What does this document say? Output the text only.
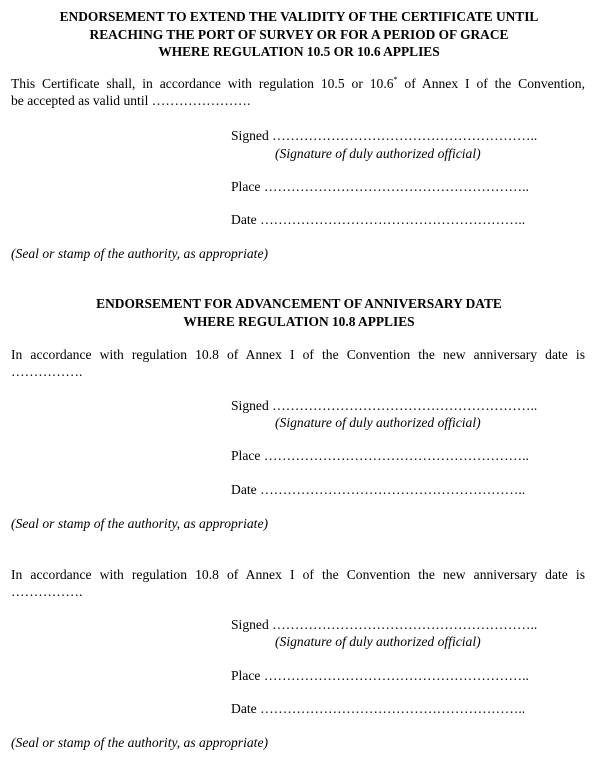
ENDORSEMENT TO EXTEND THE VALIDITY OF THE CERTIFICATE UNTIL
REACHING THE PORT OF SURVEY OR FOR A PERIOD OF GRACE
WHERE REGULATION 10.5 OR 10.6 APPLIES
This Certificate shall, in accordance with regulation 10.5 or 10.6* of Annex I of the Convention,
be accepted as valid until ………………….
Signed …………………………………………………..
(Signature of duly authorized official)
Place …………………………………………………..
Date …………………………………………………..
(Seal or stamp of the authority, as appropriate)
ENDORSEMENT FOR ADVANCEMENT OF ANNIVERSARY DATE
WHERE REGULATION 10.8 APPLIES
In accordance with regulation 10.8 of Annex I of the Convention the new anniversary date is
…………….
Signed …………………………………………………..
(Signature of duly authorized official)
Place …………………………………………………..
Date …………………………………………………..
(Seal or stamp of the authority, as appropriate)
In accordance with regulation 10.8 of Annex I of the Convention the new anniversary date is
…………….
Signed …………………………………………………..
(Signature of duly authorized official)
Place …………………………………………………..
Date …………………………………………………..
(Seal or stamp of the authority, as appropriate)
